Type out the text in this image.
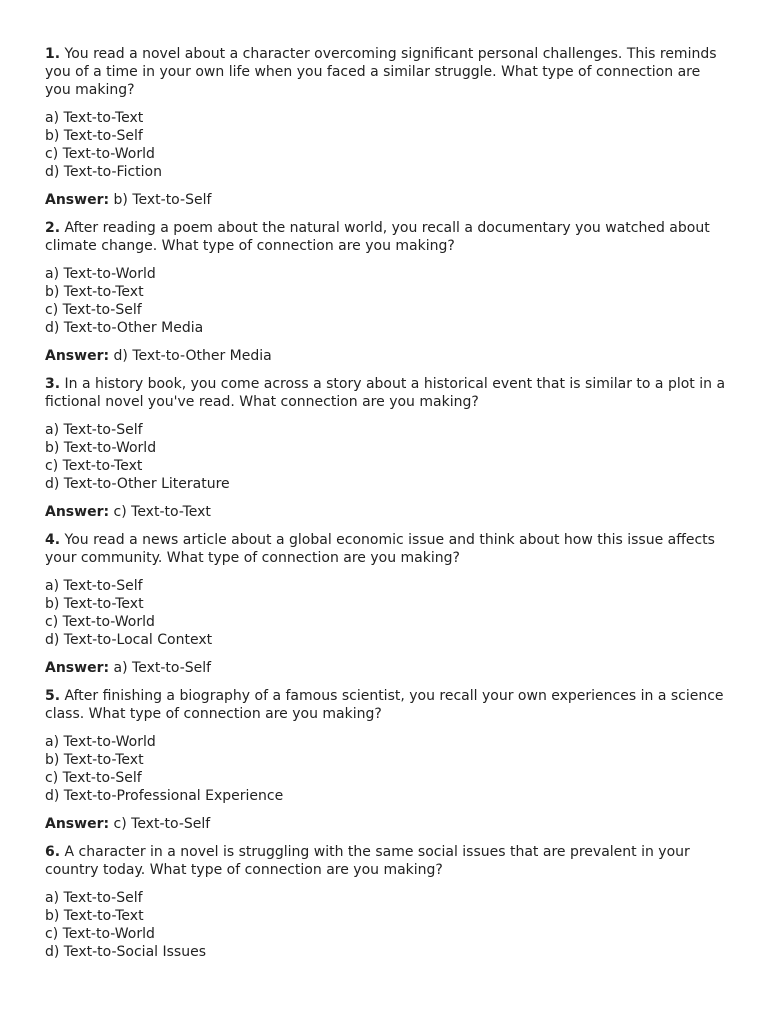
1. You read a novel about a character overcoming significant personal challenges. This reminds you of a time in your own life when you faced a similar struggle. What type of connection are you making?

a) Text-to-Text
b) Text-to-Self
c) Text-to-World
d) Text-to-Fiction

Answer: b) Text-to-Self

2. After reading a poem about the natural world, you recall a documentary you watched about climate change. What type of connection are you making?

a) Text-to-World
b) Text-to-Text
c) Text-to-Self
d) Text-to-Other Media

Answer: d) Text-to-Other Media

3. In a history book, you come across a story about a historical event that is similar to a plot in a fictional novel you've read. What connection are you making?

a) Text-to-Self
b) Text-to-World
c) Text-to-Text
d) Text-to-Other Literature

Answer: c) Text-to-Text

4. You read a news article about a global economic issue and think about how this issue affects your community. What type of connection are you making?

a) Text-to-Self
b) Text-to-Text
c) Text-to-World
d) Text-to-Local Context

Answer: a) Text-to-Self

5. After finishing a biography of a famous scientist, you recall your own experiences in a science class. What type of connection are you making?

a) Text-to-World
b) Text-to-Text
c) Text-to-Self
d) Text-to-Professional Experience

Answer: c) Text-to-Self

6. A character in a novel is struggling with the same social issues that are prevalent in your country today. What type of connection are you making?

a) Text-to-Self
b) Text-to-Text
c) Text-to-World
d) Text-to-Social Issues
